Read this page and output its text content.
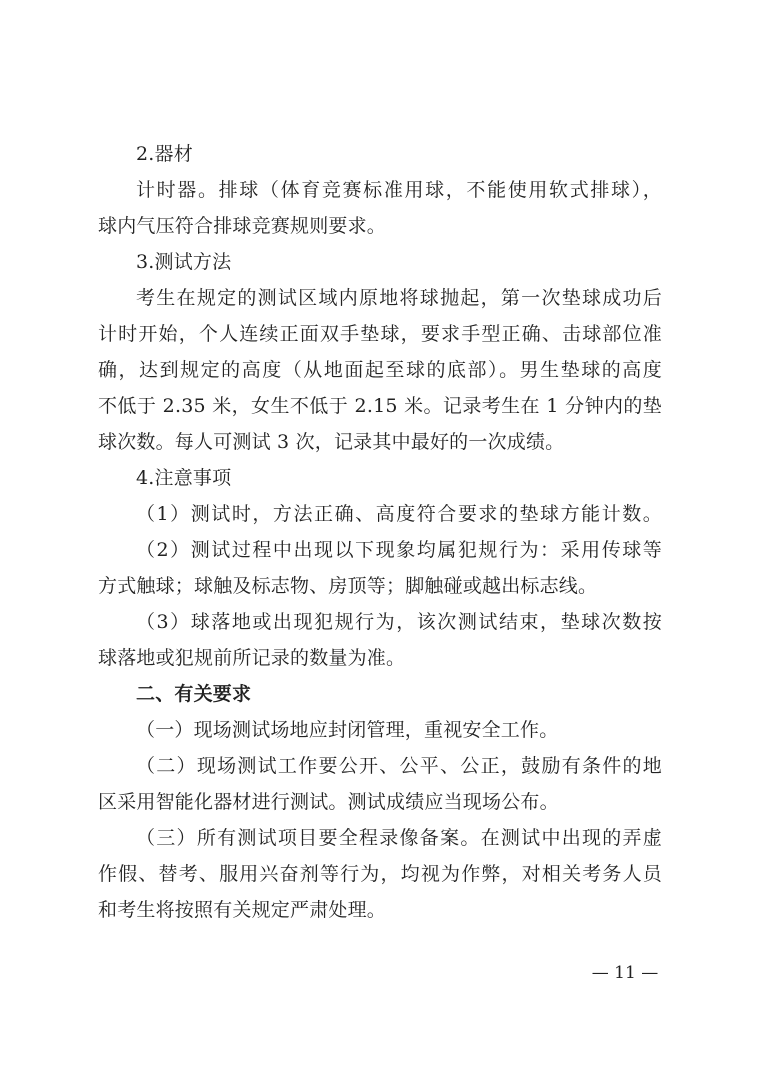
2.器材
计时器。排球（体育竞赛标准用球，不能使用软式排球），
球内气压符合排球竞赛规则要求。
3.测试方法
考生在规定的测试区域内原地将球抛起，第一次垫球成功后
计时开始，个人连续正面双手垫球，要求手型正确、击球部位准
确，达到规定的高度（从地面起至球的底部）。男生垫球的高度
不低于 2.35 米，女生不低于 2.15 米。记录考生在 1 分钟内的垫
球次数。每人可测试 3 次，记录其中最好的一次成绩。
4.注意事项
（1）测试时，方法正确、高度符合要求的垫球方能计数。
（2）测试过程中出现以下现象均属犯规行为：采用传球等
方式触球；球触及标志物、房顶等；脚触碰或越出标志线。
（3）球落地或出现犯规行为，该次测试结束，垫球次数按
球落地或犯规前所记录的数量为准。
二、有关要求
（一）现场测试场地应封闭管理，重视安全工作。
（二）现场测试工作要公开、公平、公正，鼓励有条件的地
区采用智能化器材进行测试。测试成绩应当现场公布。
（三）所有测试项目要全程录像备案。在测试中出现的弄虚
作假、替考、服用兴奋剂等行为，均视为作弊，对相关考务人员
和考生将按照有关规定严肃处理。
— 11 —
